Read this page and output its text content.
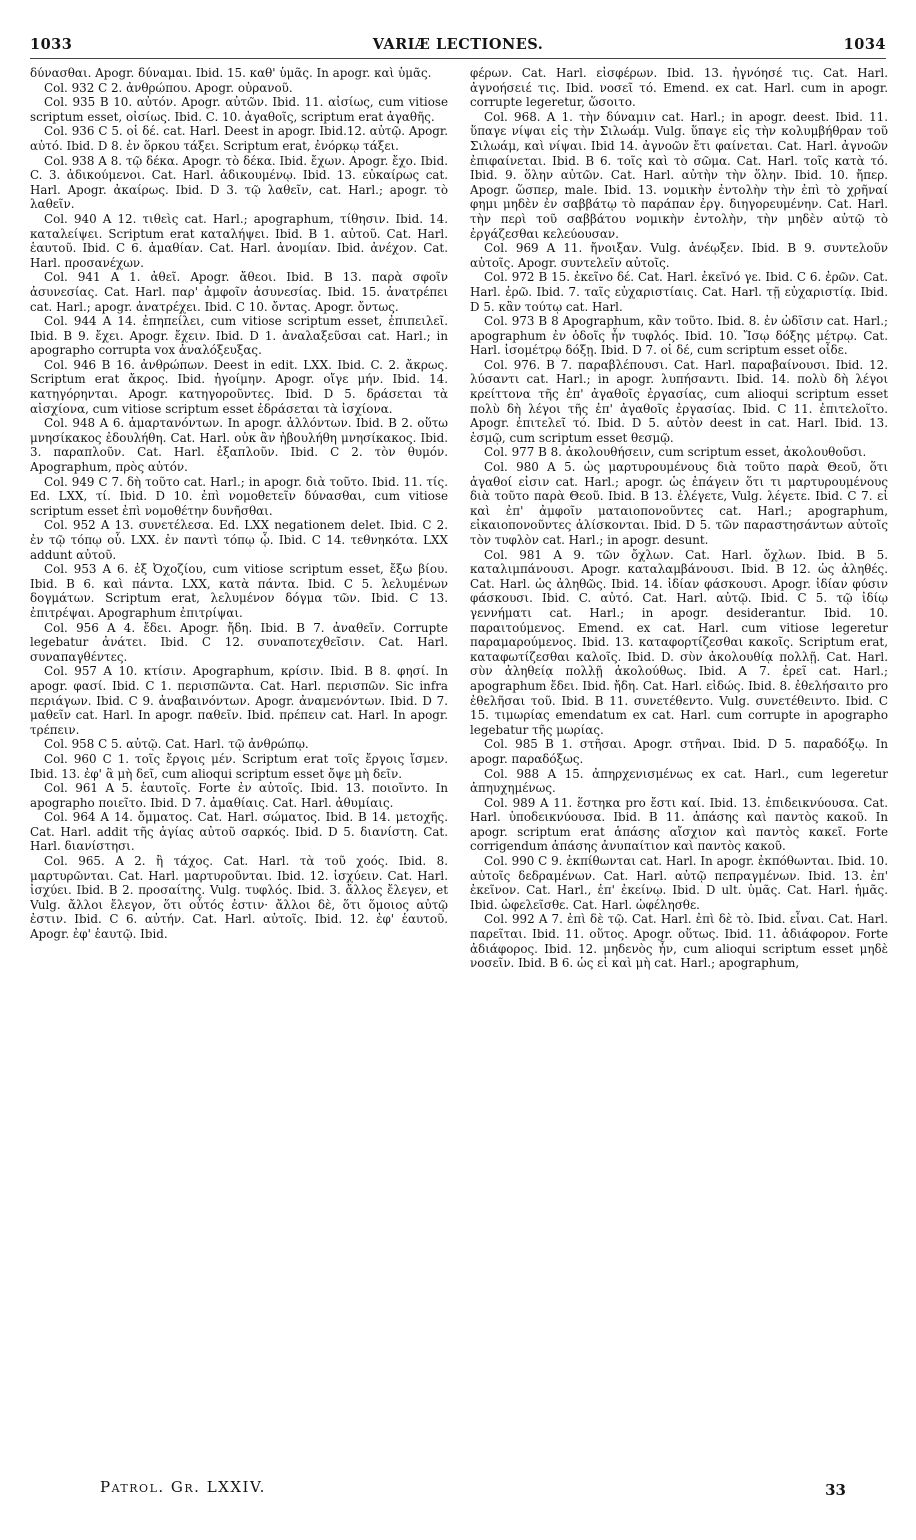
1033	VARIÆ LECTIONES.	1034

δύνασθαι. Apogr. δύναμαι. Ibid. 15. καθ' ὑμᾶς. In apogr. καὶ ὑμᾶς.

Col. 932 C 2. ἀνθρώπου. Apogr. οὐρανοῦ.

Col. 935 B 10. αὐτόν. Apogr. αὐτῶν. Ibid. 11. αἰσίως, cum vitiose scriptum esset, οἰσίως. Ibid. C. 10. ἀγαθοῖς, scriptum erat ἀγαθῆς.

Col. 936 C 5. οἱ δέ. cat. Harl. Deest in apogr. Ibid.12. αὐτῷ. Apogr. αὐτό. Ibid. D 8. ἐν ὅρκου τάξει. Scriptum erat, ἐνόρκῳ τάξει.

Col. 938 A 8. τῷ δέκα. Apogr. τὸ δέκα. Ibid. ἔχων. Apogr. ἔχο. Ibid. C. 3. ἀδικούμενοι. Cat. Harl. ἀδικουμένῳ. Ibid. 13. εὐκαίρως cat. Harl. Apogr. ἀκαίρως. Ibid. D 3. τῷ λαθεῖν, cat. Harl.; apogr. τὸ λαθεῖν.

Col. 940 A 12. τιθεὶς cat. Harl.; apographum, τίθησιν. Ibid. 14. καταλείψει. Scriptum erat καταλήψει. Ibid. B 1. αὐτοῦ. Cat. Harl. ἑαυτοῦ. Ibid. C 6. ἀμαθίαν. Cat. Harl. ἀνομίαν. Ibid. ἀνέχον. Cat. Harl. προσανέχων.

Col. 941 A 1. ἀθεῖ. Apogr. ἄθεοι. Ibid. B 13. παρὰ σφοῖν ἀσυνεσίας. Cat. Harl. παρ' ἀμφοῖν ἀσυνεσίας. Ibid. 15. ἀνατρέπει cat. Harl.; apogr. ἀνατρέχει. Ibid. C 10. ὄντας. Apogr. ὄντως.

Col. 944 A 14. ἐπηπείλει, cum vitiose scriptum esset, ἐπιπειλεῖ. Ibid. B 9. ἔχει. Apogr. ἔχειν. Ibid. D 1. ἀναλαξεῦσαι cat. Harl.; in apographo corrupta vox ἀναλόξευξας.

Col. 946 B 16. ἀνθρώπων. Deest in edit. LXX. Ibid. C. 2. ἄκρως. Scriptum erat ἄκρος. Ibid. ἡγοίμην. Apogr. οἴγε μήν. Ibid. 14. κατηγόρηνται. Apogr. κατηγοροῦντες. Ibid. D 5. δράσεται τὰ αἰσχίονα, cum vitiose scriptum esset ἐδράσεται τὰ ἰσχίονα.

Col. 948 A 6. ἁμαρτανόντων. In apogr. ἀλλόντων. Ibid. B 2. οὕτω μνησίκακος ἐδουλήθη. Cat. Harl. οὐκ ἂν ἠβουλήθη μνησίκακος. Ibid. 3. παραπλοῦν. Cat. Harl. ἐξαπλοῦν. Ibid. C 2. τὸν θυμόν. Apographum, πρὸς αὐτόν.

Col. 949 C 7. δὴ τοῦτο cat. Harl.; in apogr. διὰ τοῦτο. Ibid. 11. τίς. Ed. LXX, τί. Ibid. D 10. ἐπὶ νομοθετεῖν δύνασθαι, cum vitiose scriptum esset ἐπὶ νομοθέτην δυνῆσθαι.

Col. 952 A 13. συνετέλεσα. Ed. LXX negationem delet. Ibid. C 2. ἐν τῷ τόπῳ οὗ. LXX. ἐν παντὶ τόπῳ ᾧ. Ibid. C 14. τεθνηκότα. LXX addunt αὐτοῦ.

Col. 953 A 6. ἐξ Ὀχοζίου, cum vitiose scriptum esset, ἔξω βίου. Ibid. B 6. καὶ πάντα. LXX, κατὰ πάντα. Ibid. C 5. λελυμένων δογμάτων. Scriptum erat, λελυμένον δόγμα τῶν. Ibid. C 13. ἐπιτρέψαι. Apographum ἐπιτρίψαι.

Col. 956 A 4. ἔδει. Apogr. ἤδη. Ibid. B 7. ἀναθεῖν. Corrupte legebatur ἀνάτει. Ibid. C 12. συναποτεχθεῖσιν. Cat. Harl. συναπαγθέντες.

Col. 957 A 10. κτίσιν. Apographum, κρίσιν. Ibid. B 8. φησί. In apogr. φασί. Ibid. C 1. περισπῶντα. Cat. Harl. περισπῶν. Sic infra περιάγων. Ibid. C 9. ἀναβαινόντων. Apogr. ἀναμενόντων. Ibid. D 7. μαθεῖν cat. Harl. In apogr. παθεῖν. Ibid. πρέπειν cat. Harl. In apogr. τρέπειν.

Col. 958 C 5. αὐτῷ. Cat. Harl. τῷ ἀνθρώπῳ.

Col. 960 C 1. τοῖς ἔργοις μέν. Scriptum erat τοῖς ἔργοις ἴσμεν. Ibid. 13. ἐφ' ἃ μὴ δεῖ, cum alioqui scriptum esset ὄψε μὴ δεῖν.

Col. 961 A 5. ἑαυτοῖς. Forte ἐν αὐτοῖς. Ibid. 13. ποιοῖντο. In apographo ποιεῖτο. Ibid. D 7. ἀμαθίαις. Cat. Harl. ἀθυμίαις.

Col. 964 A 14. ὄμματος. Cat. Harl. σώματος. Ibid. B 14. μετοχῆς. Cat. Harl. addit τῆς ἁγίας αὐτοῦ σαρκός. Ibid. D 5. διανίστη. Cat. Harl. διανίστησι.

Col. 965. A 2. ἢ τάχος. Cat. Harl. τὰ τοῦ χοός. Ibid. 8. μαρτυρῶνται. Cat. Harl. μαρτυροῦνται. Ibid. 12. ἰσχύειν. Cat. Harl. ἰσχύει. Ibid. B 2. προσαίτης. Vulg. τυφλός. Ibid. 3. ἄλλος ἔλεγεν, et Vulg. ἄλλοι ἔλεγον, ὅτι οὗτός ἐστιν· ἄλλοι δὲ, ὅτι ὅμοιος αὐτῷ ἐστιν. Ibid. C 6. αὐτήν. Cat. Harl. αὐτοῖς. Ibid. 12. ἐφ' ἑαυτοῦ. Apogr. ἐφ' ἑαυτῷ. Ibid.

φέρων. Cat. Harl. εἰσφέρων. Ibid. 13. ἠγνόησέ τις. Cat. Harl. ἀγνοήσειέ τις. Ibid. νοσεῖ τό. Emend. ex cat. Harl. cum in apogr. corrupte legeretur, ὥσοιτο.

Col. 968. A 1. τὴν δύναμιν cat. Harl.; in apogr. deest. Ibid. 11. ὕπαγε νίψαι εἰς τὴν Σιλωάμ. Vulg. ὕπαγε εἰς τὴν κολυμβήθραν τοῦ Σιλωάμ, καὶ νίψαι. Ibid 14. ἀγνοῶν ἔτι φαίνεται. Cat. Harl. ἀγνοῶν ἐπιφαίνεται. Ibid. B 6. τοῖς καὶ τὸ σῶμα. Cat. Harl. τοῖς κατὰ τό. Ibid. 9. ὅλην αὐτῶν. Cat. Harl. αὐτὴν τὴν ὅλην. Ibid. 10. ἤπερ. Apogr. ὥσπερ, male. Ibid. 13. νομικὴν ἐντολὴν τὴν ἐπὶ τὸ χρῆναί φημι μηδὲν ἐν σαββάτῳ τὸ παράπαν ἐργ. διηγορευμένην. Cat. Harl. τὴν περὶ τοῦ σαββάτου νομικὴν ἐντολὴν, τὴν μηδὲν αὐτῷ τὸ ἐργάζεσθαι κελεύουσαν.

Col. 969 A 11. ἤνοιξαν. Vulg. ἀνέῳξεν. Ibid. B 9. συντελοῦν αὐτοῖς. Apogr. συντελεῖν αὐτοῖς.

Col. 972 B 15. ἐκεῖνο δέ. Cat. Harl. ἐκεῖνό γε. Ibid. C 6. ἐρῶν. Cat. Harl. ἐρῶ. Ibid. 7. ταῖς εὐχαριστίαις. Cat. Harl. τῇ εὐχαριστίᾳ. Ibid. D 5. κἂν τούτῳ cat. Harl.

Col. 973 B 8 Apographum, κἂν τοῦτο. Ibid. 8. ἐν ὠδῖσιν cat. Harl.; apographum ἐν ὁδοῖς ἦν τυφλός. Ibid. 10. Ἴσῳ δόξης μέτρῳ. Cat. Harl. ἰσομέτρῳ δόξῃ. Ibid. D 7. οἱ δέ, cum scriptum esset οἶδε.

Col. 976. B 7. παραβλέπουσι. Cat. Harl. παραβαίνουσι. Ibid. 12. λύσαντι cat. Harl.; in apogr. λυπήσαντι. Ibid. 14. πολὺ δὴ λέγοι κρείττονα τῆς ἐπ' ἀγαθοῖς ἐργασίας, cum alioqui scriptum esset πολὺ δὴ λέγοι τῆς ἐπ' ἀγαθοῖς ἐργασίας. Ibid. C 11. ἐπιτελοῖτο. Apogr. ἐπιτελεῖ τό. Ibid. D 5. αὐτὸν deest in cat. Harl. Ibid. 13. ἐσμῷ, cum scriptum esset θεσμῷ.

Col. 977 B 8. ἀκολουθήσειν, cum scriptum esset, ἀκολουθοῦσι.

Col. 980 A 5. ὡς μαρτυρουμένους διὰ τοῦτο παρὰ Θεοῦ, ὅτι ἀγαθοί εἰσιν cat. Harl.; apogr. ὡς ἐπάγειν ὅτι τι μαρτυρουμένους διὰ τοῦτο παρὰ Θεοῦ. Ibid. B 13. ἐλέγετε, Vulg. λέγετε. Ibid. C 7. εἰ καὶ ἐπ' ἀμφοῖν ματαιοπονοῦντες cat. Harl.; apographum, εἰκαιοπονοῦντες ἁλίσκονται. Ibid. D 5. τῶν παραστησάντων αὐτοῖς τὸν τυφλὸν cat. Harl.; in apogr. desunt.

Col. 981 A 9. τῶν ὄχλων. Cat. Harl. ὄχλων. Ibid. B 5. καταλιμπάνουσι. Apogr. καταλαμβάνουσι. Ibid. B 12. ὡς ἀληθές. Cat. Harl. ὡς ἀληθῶς. Ibid. 14. ἰδίαν φάσκουσι. Apogr. ἰδίαν φύσιν φάσκουσι. Ibid. C. αὐτό. Cat. Harl. αὐτῷ. Ibid. C 5. τῷ ἰδίῳ γεννήματι cat. Harl.; in apogr. desiderantur. Ibid. 10. παραιτούμενος. Emend. ex cat. Harl. cum vitiose legeretur παραμαρούμενος. Ibid. 13. καταφορτίζεσθαι κακοῖς. Scriptum erat, καταφωτίζεσθαι καλοῖς. Ibid. D. σὺν ἀκολουθίᾳ πολλῇ. Cat. Harl. σὺν ἀληθείᾳ πολλῇ ἀκολούθως. Ibid. A 7. ἐρεῖ cat. Harl.; apographum ἔδει. Ibid. ἤδη. Cat. Harl. εἰδώς. Ibid. 8. ἐθελήσαιτο pro ἐθελῆσαι τοῦ. Ibid. B 11. συνετέθεντο. Vulg. συνετέθειντο. Ibid. C 15. τιμωρίας emendatum ex cat. Harl. cum corrupte in apographo legebatur τῆς μωρίας.

Col. 985 B 1. στῆσαι. Apogr. στῆναι. Ibid. D 5. παραδόξῳ. In apogr. παραδόξως.

Col. 988 A 15. ἀπηρχενισμένως ex cat. Harl., cum legeretur ἀπηυχημένως.

Col. 989 A 11. ἕστηκα pro ἔστι καί. Ibid. 13. ἐπιδεικνύουσα. Cat. Harl. ὑποδεικνύουσα. Ibid. B 11. ἁπάσης καὶ παντὸς κακοῦ. In apogr. scriptum erat ἁπάσης αἴσχιον καὶ παντὸς κακεῖ. Forte corrigendum ἁπάσης ἀνυπαίτιον καὶ παντὸς κακοῦ.

Col. 990 C 9. ἐκπίθωνται cat. Harl. In apogr. ἐκπόθωνται. Ibid. 10. αὐτοῖς δεδραμένων. Cat. Harl. αὐτῷ πεπραγμένων. Ibid. 13. ἐπ' ἐκεῖνον. Cat. Harl., ἐπ' ἐκείνῳ. Ibid. D ult. ὑμᾶς. Cat. Harl. ἡμᾶς. Ibid. ὠφελεῖσθε. Cat. Harl. ὠφέλησθε.

Col. 992 A 7. ἐπὶ δὲ τῷ. Cat. Harl. ἐπὶ δὲ τὸ. Ibid. εἶναι. Cat. Harl. παρεῖται. Ibid. 11. οὕτος. Apogr. οὕτως. Ibid. 11. ἀδιάφορον. Forte ἀδιάφορος. Ibid. 12. μηδενὸς ἦν, cum alioqui scriptum esset μηδὲ νοσεῖν. Ibid. B 6. ὡς εἰ καὶ μὴ cat. Harl.; apographum,

Patrol. Gr. LXXIV.	33
